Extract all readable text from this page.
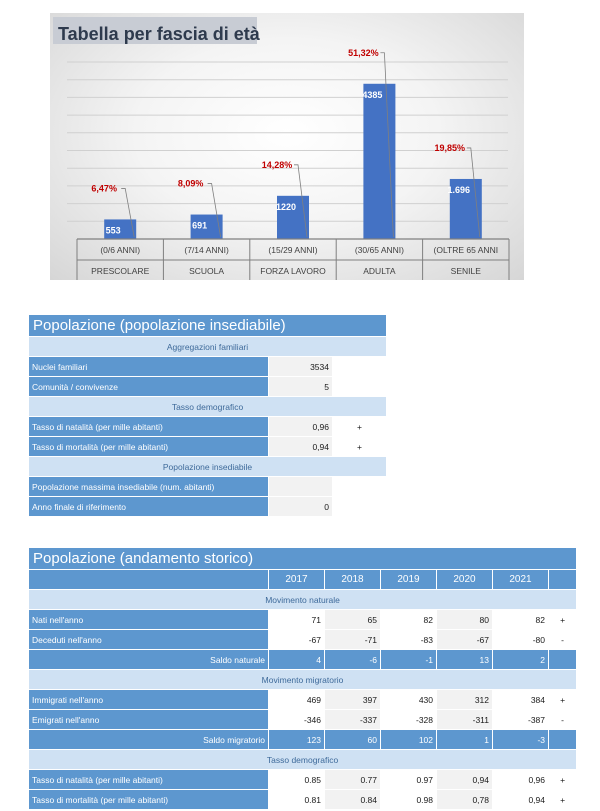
Tabella per fascia di età
553
6,47%
691
8,09%
1220
14,28%
4385
51,32%
1.696
19,85%
(0/6 ANNI)
PRESCOLARE
(7/14 ANNI)
SCUOLA
(15/29 ANNI)
FORZA LAVORO
(30/65 ANNI)
ADULTA
(OLTRE 65 ANNI
SENILE
Popolazione (popolazione insediabile)		
Aggregazioni familiari		
Nuclei familiari	3534	
Comunità / convivenze	5	
Tasso demografico		
Tasso di natalità (per mille abitanti)	0,96	+
Tasso di mortalità (per mille abitanti)	0,94	+
Popolazione insediabile		
Popolazione massima insediabile (num. abitanti)		
Anno finale di riferimento	0	
Popolazione (andamento storico)						
	2017	2018	2019	2020	2021	
Movimento naturale						
Nati nell'anno	71	65	82	80	82	+
Deceduti nell'anno	-67	-71	-83	-67	-80	-
Saldo naturale	4	-6	-1	13	2	
Movimento migratorio						
Immigrati nell'anno	469	397	430	312	384	+
Emigrati nell'anno	-346	-337	-328	-311	-387	-
Saldo migratorio	123	60	102	1	-3	
Tasso demografico						
Tasso di natalità (per mille abitanti)	0.85	0.77	0.97	0,94	0,96	+
Tasso di mortalità (per mille abitanti)	0.81	0.84	0.98	0,78	0,94	+
